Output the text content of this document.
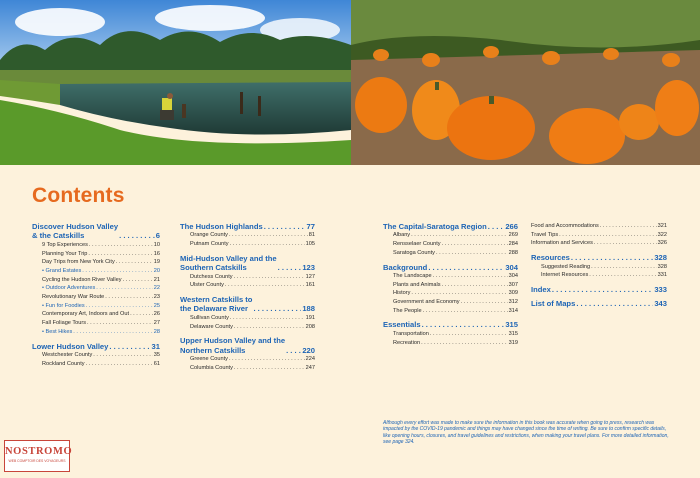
Contents
Discover Hudson Valley
& the Catskills . . .	6
9 Top Experiences . . .	10
Planning Your Trip . . .	16
Day Trips from New York City . . .	19
• Grand Estates . . .	20
Cycling the Hudson River Valley . . .	21
• Outdoor Adventures . . .	22
Revolutionary War Route . . .	23
• Fun for Foodies . . .	25
Contemporary Art, Indoors and Out . . .	26
Fall Foliage Tours . . .	27
• Best Hikes . . .	28
Lower Hudson Valley . . .	31
Westchester County . . .	35
Rockland County . . .	61
The Hudson Highlands . . .	77
Orange County . . .	81
Putnam County . . .	105
Mid-Hudson Valley and the
Southern Catskills . . .	123
Dutchess County . . .	127
Ulster County . . .	161
Western Catskills to
the Delaware River . . .	188
Sullivan County . . .	191
Delaware County . . .	208
Upper Hudson Valley and the
Northern Catskills . . .	220
Greene County . . .	224
Columbia County . . .	247
The Capital-Saratoga Region . . . 266
Albany . . .	269
Rensselaer County . . .	284
Saratoga County . . .	288
Background . . .	304
The Landscape . . .	304
Plants and Animals . . .	307
History . . .	309
Government and Economy . . .	312
The People . . .	314
Essentials . . .	315
Transportation . . .	315
Recreation . . .	319
Food and Accommodations . . .	321
Travel Tips . . .	322
Information and Services . . .	326
Resources . . .	328
Suggested Reading . . .	328
Internet Resources . . .	331
Index . . .	333
List of Maps . . .	343
Although every effort was made to make sure the information in this book was accurate when going to press, research was impacted by the COVID-19 pandemic and things may have changed since the time of writing. Be sure to confirm specific details, like opening hours, closures, and travel guidelines and restrictions, when making your travel plans. For more detailed information, see page 324.
NOSTROMO
WEB COMPTOIR DES VOYAGEURS
